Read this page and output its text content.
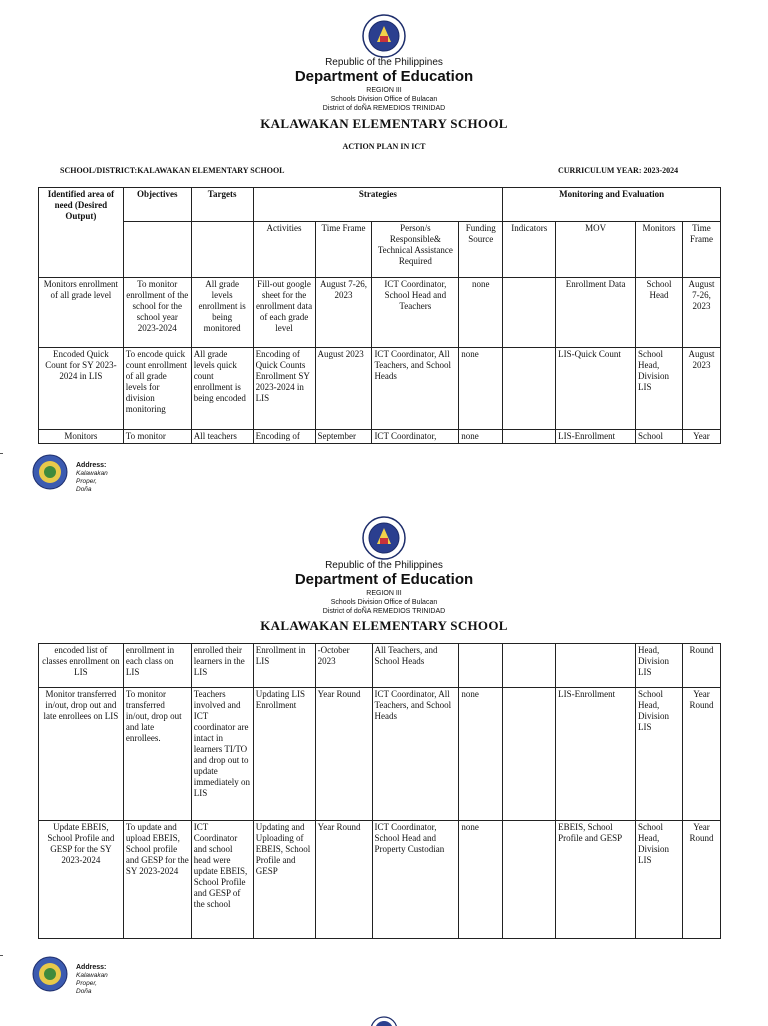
Republic of the Philippines
Department of Education
REGION III
Schools Division Office of Bulacan
District of doÑA REMEDIOS TRINIDAD
KALAWAKAN ELEMENTARY SCHOOL
ACTION PLAN IN ICT
SCHOOL/DISTRICT:KALAWAKAN ELEMENTARY SCHOOL	CURRICULUM YEAR: 2023-2024
Identified area of need (Desired Output)	Objectives	Targets	Strategies				Monitoring and Evaluation			
			Activities	Time Frame	Person/s Responsible& Technical Assistance Required	Funding Source	Indicators	MOV	Monitors	Time Frame
Monitors enrollment of all grade level	To monitor enrollment of the school for the school year 2023-2024	All grade levels enrollment is being monitored	Fill-out google sheet for the enrollment data of each grade level	August 7-26, 2023	ICT Coordinator, School Head and Teachers	none		Enrollment Data	School Head	August 7-26, 2023
Encoded Quick Count for SY 2023-2024 in LIS	To encode quick count enrollment of all grade levels for division monitoring	All grade levels quick count enrollment is being encoded	Encoding of Quick Counts Enrollment SY 2023-2024 in LIS	August 2023	ICT Coordinator, All Teachers, and School Heads	none		LIS-Quick Count	School Head, Division LIS	August 2023
Monitors	To monitor	All teachers	Encoding of	September	ICT Coordinator,	none		LIS-Enrollment	School	Year
Address:
Kalawakan
Proper,
Doña
Republic of the Philippines
Department of Education
REGION III
Schools Division Office of Bulacan
District of doÑA REMEDIOS TRINIDAD
KALAWAKAN ELEMENTARY SCHOOL
encoded list of classes enrollment on LIS	enrollment in each class on LIS	enrolled their learners in the LIS	Enrollment in LIS	-October 2023	All Teachers, and School Heads				Head, Division LIS	Round
Monitor transferred in/out, drop out and late enrollees on LIS	To monitor transferred in/out, drop out and late enrollees.	Teachers involved and ICT coordinator are intact in learners TI/TO and drop out to update immediately on LIS	Updating LIS Enrollment	Year Round	ICT Coordinator, All Teachers, and School Heads	none		LIS-Enrollment	School Head, Division LIS	Year Round
Update EBEIS, School Profile and GESP for the SY 2023-2024	To update and upload EBEIS, School profile and GESP for the SY 2023-2024	ICT Coordinator and school head were update EBEIS, School Profile and GESP of the school	Updating and Uploading of EBEIS, School Profile and GESP	Year Round	ICT Coordinator, School Head and Property Custodian	none		EBEIS, School Profile and GESP	School Head, Division LIS	Year Round
Address:
Kalawakan
Proper,
Doña
